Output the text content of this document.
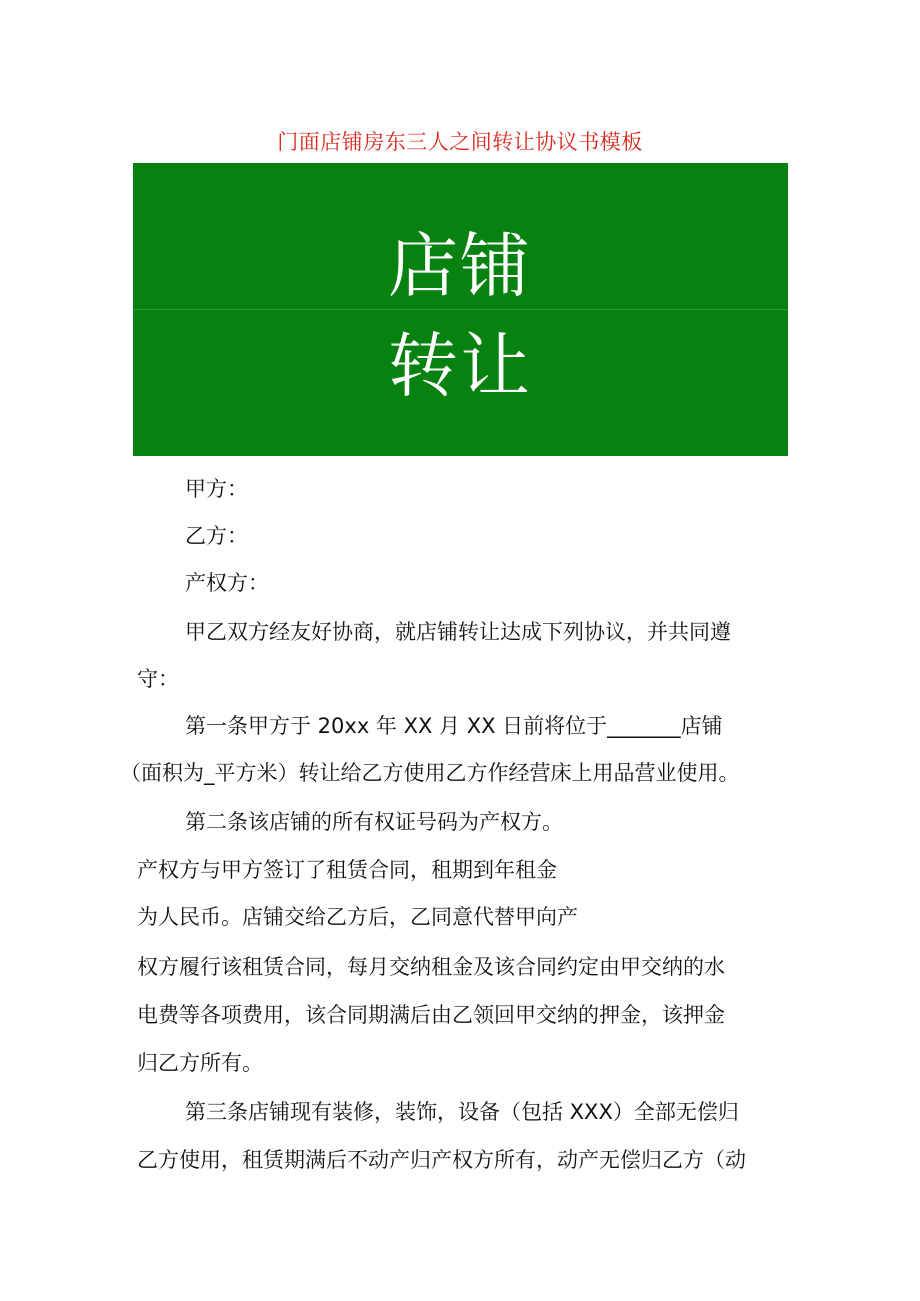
门面店铺房东三人之间转让协议书模板
店铺
转让
甲方：
乙方：
产权方：
甲乙双方经友好协商，就店铺转让达成下列协议，并共同遵
守：
第一条甲方于 20xx 年 XX 月 XX 日前将位于_______店铺
（面积为_平方米）转让给乙方使用乙方作经营床上用品营业使用。
第二条该店铺的所有权证号码为产权方。
产权方与甲方签订了租赁合同，租期到年租金
为人民币。店铺交给乙方后，乙同意代替甲向产
权方履行该租赁合同，每月交纳租金及该合同约定由甲交纳的水
电费等各项费用，该合同期满后由乙领回甲交纳的押金，该押金
归乙方所有。
第三条店铺现有装修，装饰，设备（包括 XXX）全部无偿归
乙方使用，租赁期满后不动产归产权方所有，动产无偿归乙方（动
